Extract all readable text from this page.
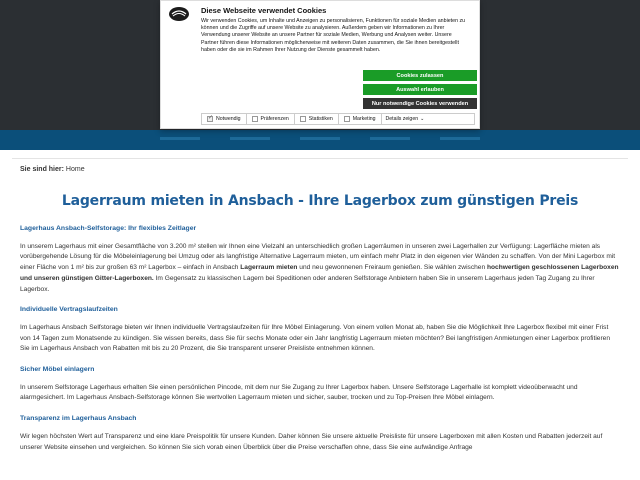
Diese Webseite verwendet Cookies
Wir verwenden Cookies, um Inhalte und Anzeigen zu personalisieren, Funktionen für soziale Medien anbieten zu können und die Zugriffe auf unsere Website zu analysieren. Außerdem geben wir Informationen zu Ihrer Verwendung unserer Website an unsere Partner für soziale Medien, Werbung und Analysen weiter. Unsere Partner führen diese Informationen möglicherweise mit weiteren Daten zusammen, die Sie ihnen bereitgestellt haben oder die sie im Rahmen Ihrer Nutzung der Dienste gesammelt haben.
Cookies zulassen
Auswahl erlauben
Nur notwendige Cookies verwenden
✓
Notwendig	Präferenzen	Statistiken	Marketing Details zeigen ⌄
Sie sind hier: Home
Lagerraum mieten in Ansbach - Ihre Lagerbox zum günstigen Preis
Lagerhaus Ansbach-Selfstorage: Ihr flexibles Zeitlager

In unserem Lagerhaus mit einer Gesamtfläche von 3.200 m² stellen wir Ihnen eine Vielzahl an unterschiedlich großen Lagerräumen in unseren zwei Lagerhallen zur Verfügung: Lagerfläche mieten als vorübergehende Lösung für die Möbeleinlagerung bei Umzug oder als langfristige Alternative Lagerraum mieten, um einfach mehr Platz in den eigenen vier Wänden zu schaffen. Von der Mini Lagerbox mit einer Fläche von 1 m² bis zur großen 63 m² Lagerbox – einfach in Ansbach Lagerraum mieten und neu gewonnenen Freiraum genießen. Sie wählen zwischen hochwertigen geschlossenen Lagerboxen und unseren günstigen Gitter-Lagerboxen. Im Gegensatz zu klassischen Lagern bei Speditionen oder anderen Selfstorage Anbietern haben Sie in unserem Lagerhaus jeden Tag Zugang zu Ihrer Lagerbox.

Individuelle Vertragslaufzeiten

Im Lagerhaus Ansbach Selfstorage bieten wir Ihnen individuelle Vertragslaufzeiten für Ihre Möbel Einlagerung. Von einem vollen Monat ab, haben Sie die Möglichkeit Ihre Lagerbox flexibel mit einer Frist von 14 Tagen zum Monatsende zu kündigen. Sie wissen bereits, dass Sie für sechs Monate oder ein Jahr langfristig Lagerraum mieten möchten? Bei langfristigen Anmietungen einer Lagerbox profitieren Sie im Lagerhaus Ansbach von Rabatten mit bis zu 20 Prozent, die Sie transparent unserer Preisliste entnehmen können.

Sicher Möbel einlagern

In unserem Selfstorage Lagerhaus erhalten Sie einen persönlichen Pincode, mit dem nur Sie Zugang zu Ihrer Lagerbox haben. Unsere Selfstorage Lagerhalle ist komplett videoüberwacht und alarmgesichert. Im Lagerhaus Ansbach-Selfstorage können Sie wertvollen Lagerraum mieten und sicher, sauber, trocken und zu Top-Preisen Ihre Möbel einlagern.

Transparenz im Lagerhaus Ansbach

Wir legen höchsten Wert auf Transparenz und eine klare Preispolitik für unsere Kunden. Daher können Sie unsere aktuelle Preisliste für unsere Lagerboxen mit allen Kosten und Rabatten jederzeit auf unserer Website einsehen und vergleichen. So können Sie sich vorab einen Überblick über die Preise verschaffen ohne, dass Sie eine aufwändige Anfrage
